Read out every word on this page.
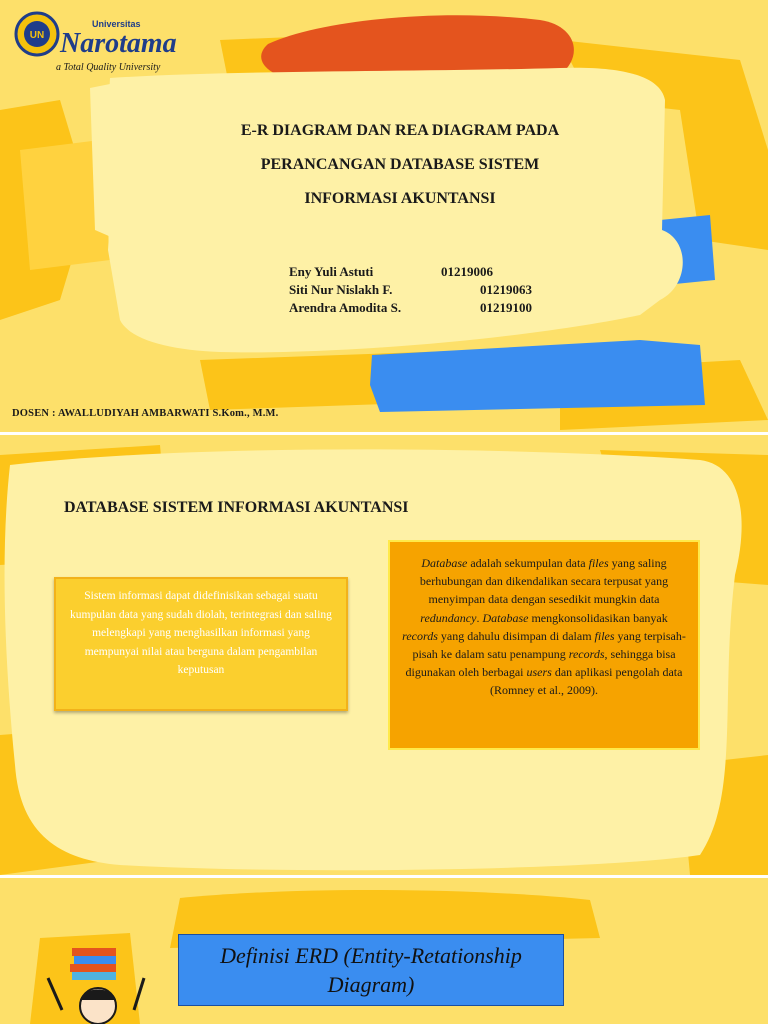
UN
Universitas
Narotama
a Total Quality University
E-R DIAGRAM DAN REA DIAGRAM PADA
PERANCANGAN DATABASE SISTEM
INFORMASI AKUNTANSI
Eny Yuli Astuti	01219006
Siti Nur Nislakh F.	01219063
Arendra Amodita S.	01219100
DOSEN : AWALLUDIYAH AMBARWATI S.Kom., M.M.
DATABASE SISTEM INFORMASI AKUNTANSI
Sistem informasi dapat didefinisikan sebagai suatu kumpulan data yang sudah diolah, terintegrasi dan saling melengkapi yang menghasilkan informasi yang mempunyai nilai atau berguna dalam pengambilan keputusan
Database adalah sekumpulan data files yang saling berhubungan dan dikendalikan secara terpusat yang menyimpan data dengan sesedikit mungkin data redundancy. Database mengkonsolidasikan banyak records yang dahulu disimpan di dalam files yang terpisah-pisah ke dalam satu penampung records, sehingga bisa digunakan oleh berbagai users dan aplikasi pengolah data (Romney et al., 2009).
Definisi ERD (Entity-Retationship
Diagram)
